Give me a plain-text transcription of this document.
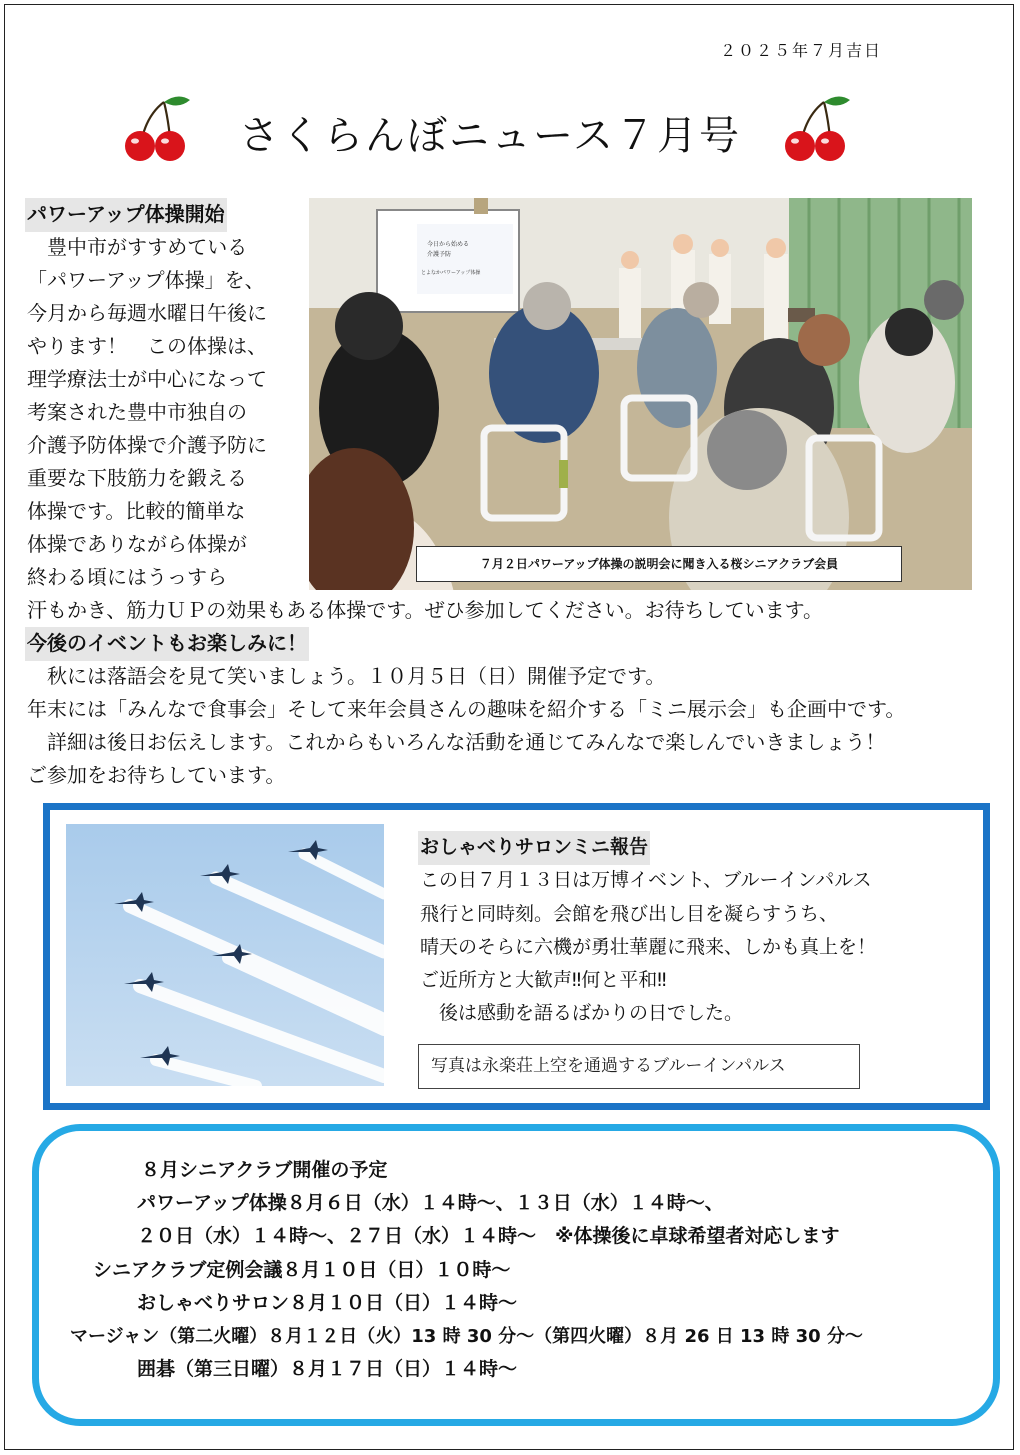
２０２５年７月吉日
さくらんぼニュース７月号
パワーアップ体操開始
　豊中市がすすめている
「パワーアップ体操」を、
今月から毎週水曜日午後に
やります！　この体操は、
理学療法士が中心になって
考案された豊中市独自の
介護予防体操で介護予防に
重要な下肢筋力を鍛える
体操です。比較的簡単な
体操でありながら体操が
終わる頃にはうっすら
汗もかき、筋力ＵＰの効果もある体操です。ぜひ参加してください。お待ちしています。
今日から始める
介護予防
とよなかパワーアップ体操
７月２日パワーアップ体操の説明会に聞き入る桜シニアクラブ会員
今後のイベントもお楽しみに！
　秋には落語会を見て笑いましょう。１０月５日（日）開催予定です。
年末には「みんなで食事会」そして来年会員さんの趣味を紹介する「ミニ展示会」も企画中です。
　詳細は後日お伝えします。これからもいろんな活動を通じてみんなで楽しんでいきましょう！
ご参加をお待ちしています。
おしゃべりサロンミニ報告
この日７月１３日は万博イベント、ブルーインパルス
飛行と同時刻。会館を飛び出し目を凝らすうち、
晴天のそらに六機が勇壮華麗に飛来、しかも真上を！
ご近所方と大歓声‼何と平和‼
　後は感動を語るばかりの日でした。
写真は永楽荘上空を通過するブルーインパルス
８月シニアクラブ開催の予定
パワーアップ体操８月６日（水）１４時～、１３日（水）１４時～、
２０日（水）１４時～、２７日（水）１４時～　※体操後に卓球希望者対応します
シニアクラブ定例会議８月１０日（日）１０時～
おしゃべりサロン８月１０日（日）１４時～
マージャン（第二火曜）８月１２日（火）13 時 30 分～（第四火曜）８月 26 日 13 時 30 分～
囲碁（第三日曜）８月１７日（日）１４時～
